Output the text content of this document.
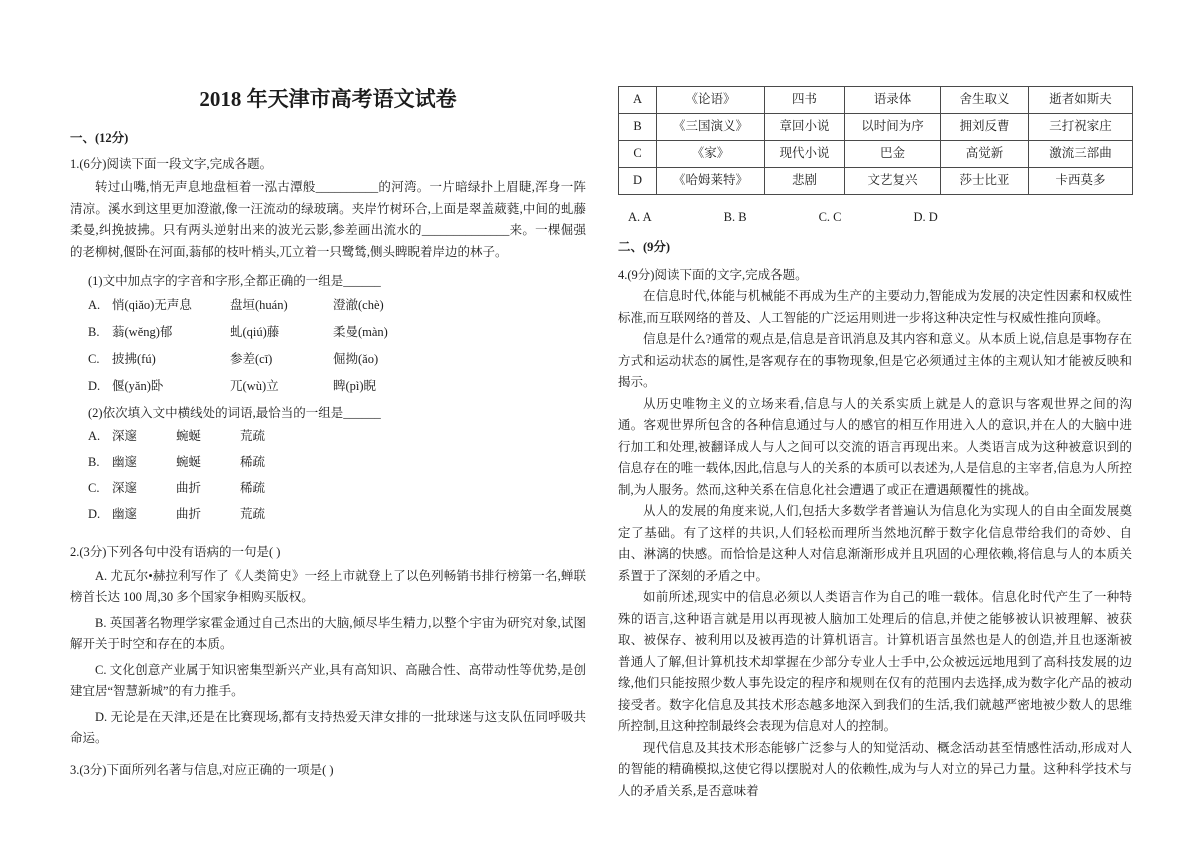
2018 年天津市高考语文试卷
一、(12分)
1.(6分)阅读下面一段文字,完成各题。

转过山嘴,悄无声息地盘桓着一泓古潭般__________的河湾。一片暗绿扑上眉睫,浑身一阵清凉。溪水到这里更加澄澈,像一汪流动的绿玻璃。夹岸竹树环合,上面是翠盖葳蕤,中间的虬藤柔曼,纠挽披拂。只有两头逆射出来的波光云影,参差画出流水的______________来。一棵倔强的老柳树,偃卧在河面,蓊郁的枝叶梢头,兀立着一只鹭鸶,侧头睥睨着岸边的林子。

(1)文中加点字的字音和字形,全都正确的一组是______
A. 悄(qiǎo)无声息	盘垣(huán)	澄澈(chè)
B.	蓊(wěng)郁	虬(qiú)藤	柔曼(màn)
C.	披拂(fú)	参差(cī)	倔拗(ǎo)
D. 偃(yǎn)卧	兀(wù)立	睥(pì)睨
(2)依次填入文中横线处的词语,最恰当的一组是______
A. 深邃	蜿蜒	荒疏
B.	幽邃	蜿蜒	稀疏
C.	深邃	曲折	稀疏
D. 幽邃	曲折	荒疏
2.(3分)下列各句中没有语病的一句是( )

A. 尤瓦尔•赫拉利写作了《人类简史》一经上市就登上了以色列畅销书排行榜第一名,蝉联榜首长达 100 周,30 多个国家争相购买版权。

B. 英国著名物理学家霍金通过自己杰出的大脑,倾尽毕生精力,以整个宇宙为研究对象,试图解开关于时空和存在的本质。

C. 文化创意产业属于知识密集型新兴产业,具有高知识、高融合性、高带动性等优势,是创建宜居“智慧新城”的有力推手。

D. 无论是在天津,还是在比赛现场,都有支持热爱天津女排的一批球迷与这支队伍同呼吸共命运。

3.(3分)下面所列名著与信息,对应正确的一项是( )
A	《论语》	四书	语录体	舍生取义	逝者如斯夫
B	《三国演义》	章回小说	以时间为序	拥刘反曹	三打祝家庄
C	《家》	现代小说	巴金	高觉新	激流三部曲
D	《哈姆莱特》	悲剧	文艺复兴	莎士比亚	卡西莫多
A. A	B. B	C. C	D. D
二、(9分)
4.(9分)阅读下面的文字,完成各题。

在信息时代,体能与机械能不再成为生产的主要动力,智能成为发展的决定性因素和权威性标准,而互联网络的普及、人工智能的广泛运用则进一步将这种决定性与权威性推向顶峰。

信息是什么?通常的观点是,信息是音讯消息及其内容和意义。从本质上说,信息是事物存在方式和运动状态的属性,是客观存在的事物现象,但是它必须通过主体的主观认知才能被反映和揭示。

从历史唯物主义的立场来看,信息与人的关系实质上就是人的意识与客观世界之间的沟通。客观世界所包含的各种信息通过与人的感官的相互作用进入人的意识,并在人的大脑中进行加工和处理,被翻译成人与人之间可以交流的语言再现出来。人类语言成为这种被意识到的信息存在的唯一载体,因此,信息与人的关系的本质可以表述为,人是信息的主宰者,信息为人所控制,为人服务。然而,这种关系在信息化社会遭遇了或正在遭遇颠覆性的挑战。

从人的发展的角度来说,人们,包括大多数学者普遍认为信息化为实现人的自由全面发展奠定了基础。有了这样的共识,人们轻松而理所当然地沉醉于数字化信息带给我们的奇妙、自由、淋漓的快感。而恰恰是这种人对信息渐渐形成并且巩固的心理依赖,将信息与人的本质关系置于了深刻的矛盾之中。

如前所述,现实中的信息必须以人类语言作为自己的唯一载体。信息化时代产生了一种特殊的语言,这种语言就是用以再现被人脑加工处理后的信息,并使之能够被认识被理解、被获取、被保存、被利用以及被再造的计算机语言。计算机语言虽然也是人的创造,并且也逐渐被普通人了解,但计算机技术却掌握在少部分专业人士手中,公众被远远地甩到了高科技发展的边缘,他们只能按照少数人事先设定的程序和规则在仅有的范围内去选择,成为数字化产品的被动接受者。数字化信息及其技术形态越多地深入到我们的生活,我们就越严密地被少数人的思维所控制,且这种控制最终会表现为信息对人的控制。

现代信息及其技术形态能够广泛参与人的知觉活动、概念活动甚至情感性活动,形成对人的智能的精确模拟,这使它得以摆脱对人的依赖性,成为与人对立的异己力量。这种科学技术与人的矛盾关系,是否意味着
